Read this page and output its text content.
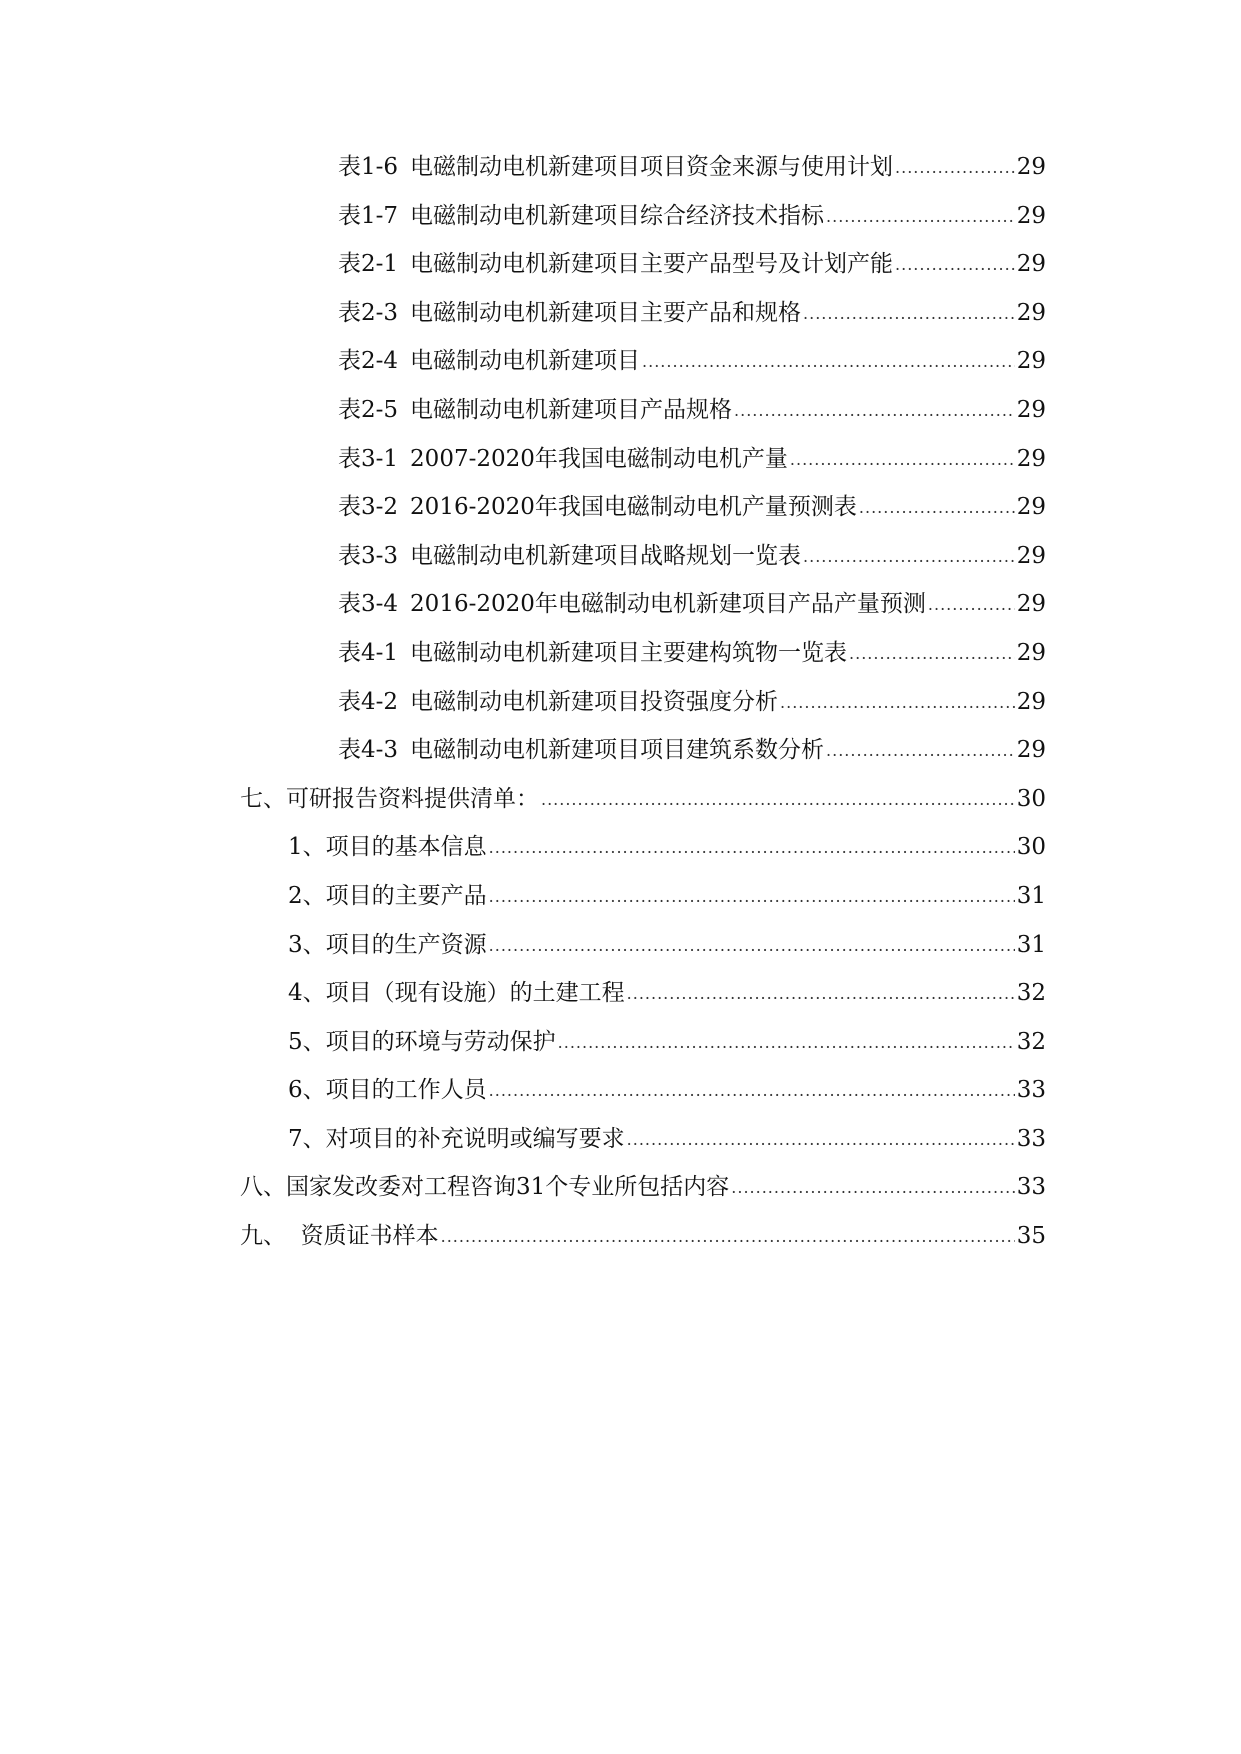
表1-6 电磁制动电机新建项目项目资金来源与使用计划 .....	29
表1-7 电磁制动电机新建项目综合经济技术指标 .....	29
表2-1 电磁制动电机新建项目主要产品型号及计划产能 .....	29
表2-3 电磁制动电机新建项目主要产品和规格 .....	29
表2-4 电磁制动电机新建项目 .....	29
表2-5 电磁制动电机新建项目产品规格 .....	29
表3-1 2007-2020年我国电磁制动电机产量 .....	29
表3-2 2016-2020年我国电磁制动电机产量预测表 .....	29
表3-3 电磁制动电机新建项目战略规划一览表 .....	29
表3-4 2016-2020年电磁制动电机新建项目产品产量预测 .....	29
表4-1 电磁制动电机新建项目主要建构筑物一览表 .....	29
表4-2 电磁制动电机新建项目投资强度分析 .....	29
表4-3 电磁制动电机新建项目项目建筑系数分析 .....	29
七、可研报告资料提供清单： .....	30
1、项目的基本信息 .....	30
2、项目的主要产品 .....	31
3、项目的生产资源 .....	31
4、项目（现有设施）的土建工程 .....	32
5、项目的环境与劳动保护 .....	32
6、项目的工作人员 .....	33
7、对项目的补充说明或编写要求 .....	33
八、国家发改委对工程咨询31个专业所包括内容 .....	33
九、  资质证书样本 .....	35
